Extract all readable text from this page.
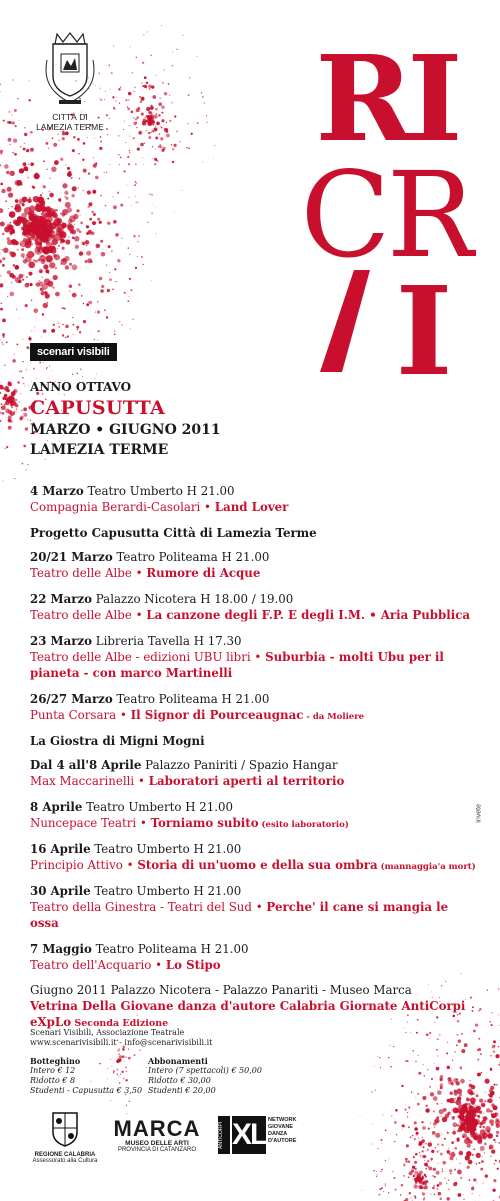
CITTÀ DI
LAMEZIA TERME RI
CR
I
scenari visibili
ANNO OTTAVO
CAPUSUTTA
MARZO • GIUGNO 2011
LAMEZIA TERME
4 Marzo Teatro Umberto H 21.00
Compagnia Berardi-Casolari • Land Lover
Progetto Capusutta Città di Lamezia Terme
20/21 Marzo Teatro Politeama H 21.00
Teatro delle Albe • Rumore di Acque
22 Marzo Palazzo Nicotera H 18.00 / 19.00
Teatro delle Albe • La canzone degli F.P. E degli I.M. • Aria Pubblica
23 Marzo Libreria Tavella H 17.30
Teatro delle Albe - edizioni UBU libri • Suburbia - molti Ubu per il pianeta - con marco Martinelli
26/27 Marzo Teatro Politeama H 21.00
Punta Corsara • Il Signor di Pourceaugnac - da Moliere
La Giostra di Migni Mogni
Dal 4 all'8 Aprile Palazzo Paniriti / Spazio Hangar
Max Maccarinelli • Laboratori aperti al territorio
8 Aprile Teatro Umberto H 21.00
Nuncepace Teatri • Torniamo subito (esito laboratorio)
16 Aprile Teatro Umberto H 21.00
Principio Attivo • Storia di un'uomo e della sua ombra (mannaggia'a mort)
30 Aprile Teatro Umberto H 21.00
Teatro della Ginestra - Teatri del Sud • Perche' il cane si mangia le ossa
7 Maggio Teatro Politeama H 21.00
Teatro dell'Acquario • Lo Stipo
Giugno 2011 Palazzo Nicotera - Palazzo Panariti - Museo Marca
Vetrina Della Giovane danza d'autore Calabria Giornate AntiCorpi
eXpLo Seconda Edizione
Scenari Visibili, Associazione Teatrale
www.scenarivisibili.it - info@scenarivisibili.it
Botteghino
Intero € 12
Ridotto € 8
Studenti - Capusutta € 3,50
Abbonamenti
Intero (7 spettacoli) € 50,00
Ridotto € 30,00
Studenti € 20,00
invete
REGIONE CALABRIA
Assessorato alla Cultura
MARCA
MUSEO DELLE ARTI
PROVINCIA DI CATANZARO
ANTICORPI XL NETWORK GIOVANE DANZA D'AUTORE
